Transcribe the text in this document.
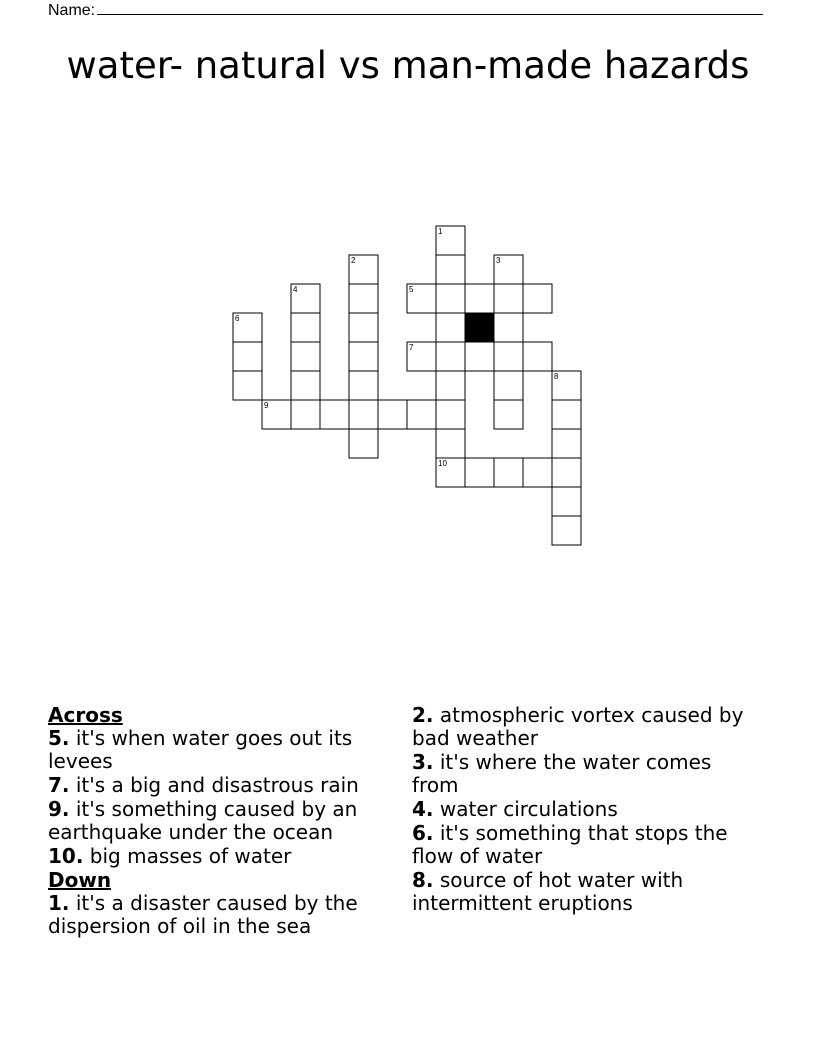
Name:
water- natural vs man-made hazards
1
2	3
4	5
6
7
8
9
10

Across

5. it's when water goes out its levees

7. it's a big and disastrous rain

9. it's something caused by an earthquake under the ocean

10. big masses of water

Down

1. it's a disaster caused by the dispersion of oil in the sea

2. atmospheric vortex caused by bad weather

3. it's where the water comes from

4. water circulations

6. it's something that stops the flow of water

8. source of hot water with intermittent eruptions
